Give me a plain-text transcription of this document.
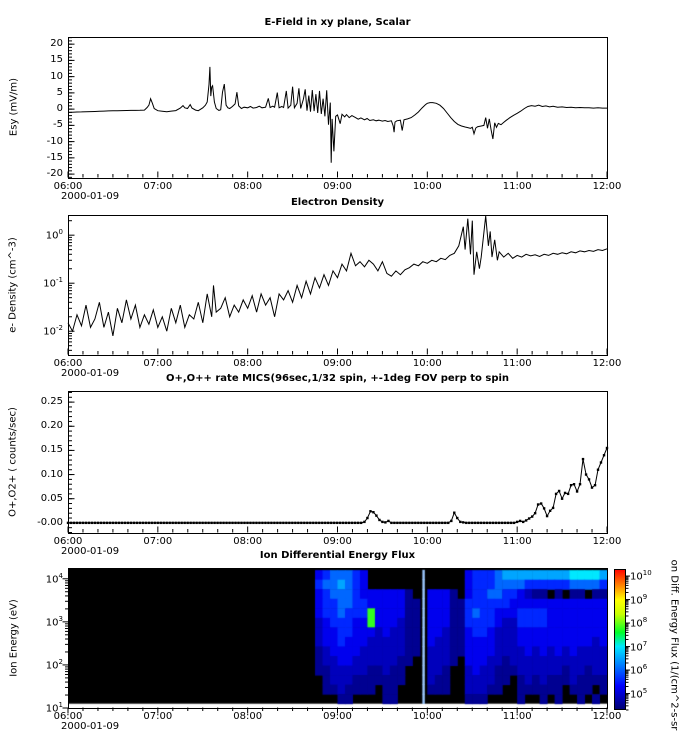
E-Field in xy plane, Scalar
Electron Density
O+,O++ rate MICS(96sec,1/32 spin, +-1deg FOV perp to spin
Ion Differential Energy Flux
Esy (mV/m)
e- Density (cm^-3)
O+,O2+ ( counts/sec)
Ion Energy (eV)
2000-01-09
2000-01-09
2000-01-09
2000-01-09	on Diff. Energy Flux (1/(cm^2-s-sr
20
15
10
5
0
-5
-10
-15
-20
06:00	07:00	08:00	09:00	10:00	11:00	12:00
$10^0$
$10^{-1}$
$10^{-2}$
06:00	07:00	08:00	09:00	10:00	11:00	12:00
0.25
0.20
0.15
0.10
0.05
-0.00
06:00	07:00	08:00	09:00	10:00	11:00	12:00
$10^4$
$10^3$
$10^2$
$10^1$
06:00	07:00	08:00	09:00	10:00	11:00	12:00
$10^{10}$
$10^9$
$10^8$
$10^7$
$10^6$
$10^5$
